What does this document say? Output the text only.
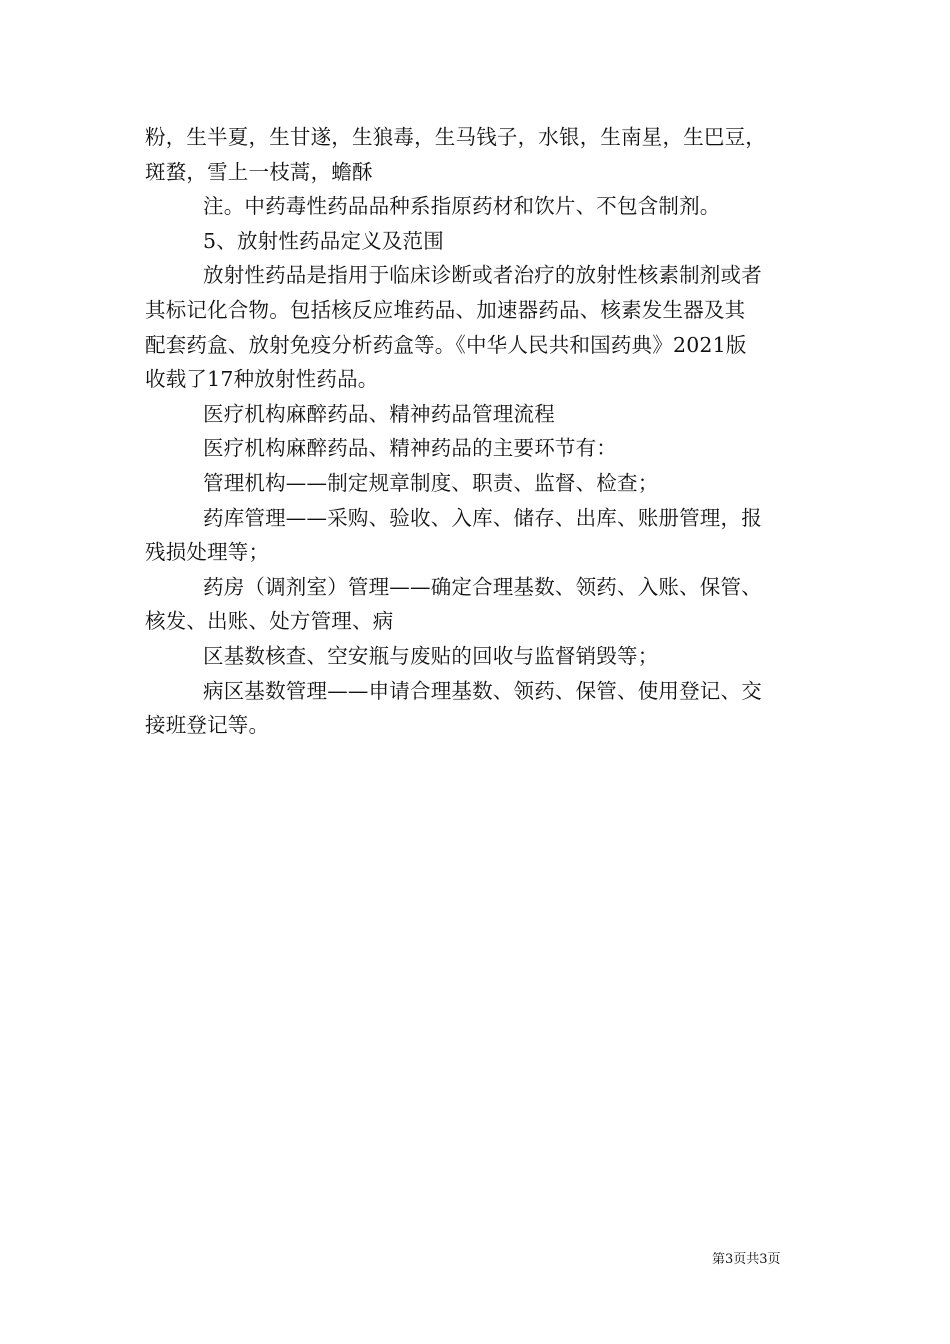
粉，生半夏，生甘遂，生狼毒，生马钱子，水银，生南星，生巴豆，
斑蝥，雪上一枝蒿，蟾酥
注。中药毒性药品品种系指原药材和饮片、不包含制剂。
5、放射性药品定义及范围
放射性药品是指用于临床诊断或者治疗的放射性核素制剂或者
其标记化合物。包括核反应堆药品、加速器药品、核素发生器及其
配套药盒、放射免疫分析药盒等。《中华人民共和国药典》2021版
收载了17种放射性药品。
医疗机构麻醉药品、精神药品管理流程
医疗机构麻醉药品、精神药品的主要环节有：
管理机构——制定规章制度、职责、监督、检查；
药库管理——采购、验收、入库、储存、出库、账册管理，报
残损处理等；
药房（调剂室）管理——确定合理基数、领药、入账、保管、
核发、出账、处方管理、病
区基数核查、空安瓶与废贴的回收与监督销毁等；
病区基数管理——申请合理基数、领药、保管、使用登记、交
接班登记等。
第3页共3页
